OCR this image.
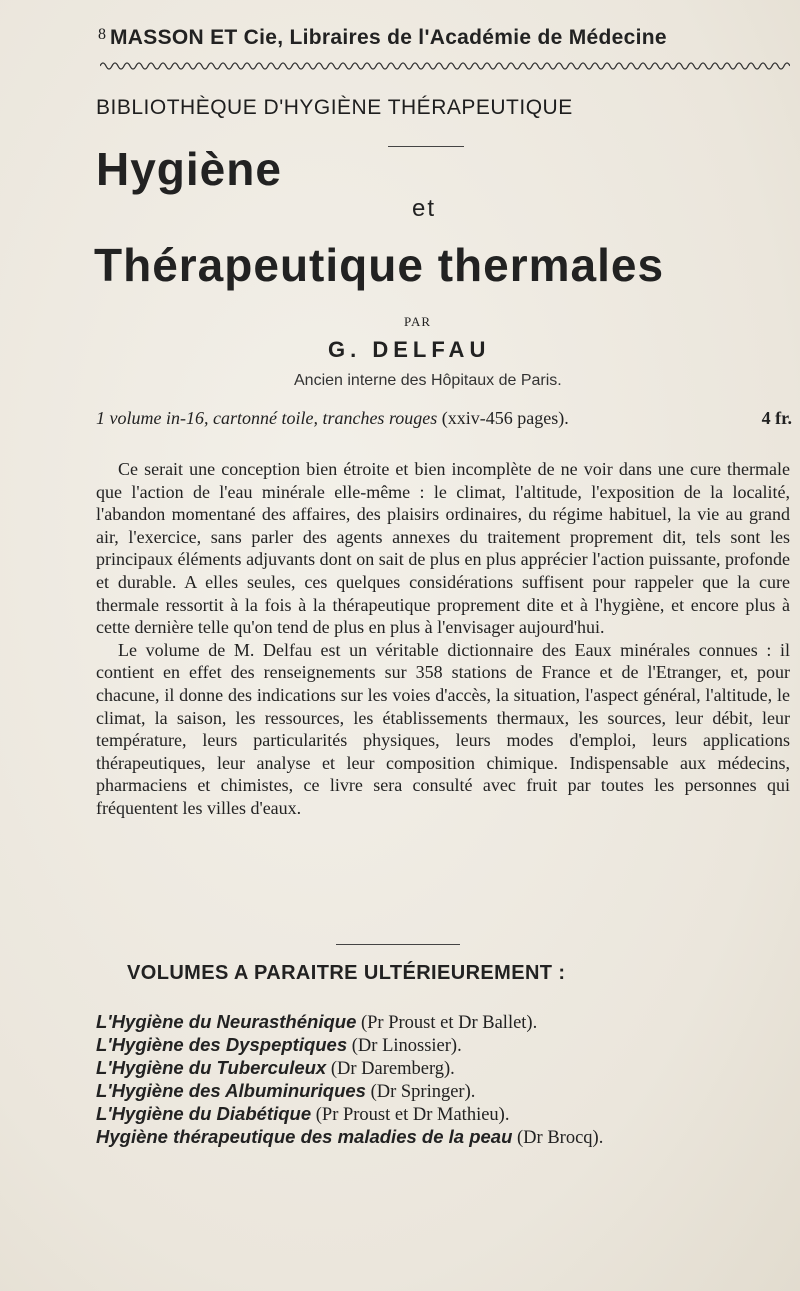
8 MASSON ET Cie, Libraires de l'Académie de Médecine
BIBLIOTHÈQUE D'HYGIÈNE THÉRAPEUTIQUE
Hygiène
et
Thérapeutique thermales
PAR
G. DELFAU
Ancien interne des Hôpitaux de Paris.
1 volume in-16, cartonné toile, tranches rouges (xxiv-456 pages).	4 fr.

Ce serait une conception bien étroite et bien incomplète de ne voir dans une cure thermale que l'action de l'eau minérale elle-même : le climat, l'altitude, l'exposition de la localité, l'abandon momentané des affaires, des plaisirs ordinaires, du régime habituel, la vie au grand air, l'exercice, sans parler des agents annexes du traitement proprement dit, tels sont les principaux éléments adjuvants dont on sait de plus en plus apprécier l'action puissante, profonde et durable. A elles seules, ces quelques considérations suffisent pour rappeler que la cure thermale ressortit à la fois à la thérapeutique proprement dite et à l'hygiène, et encore plus à cette dernière telle qu'on tend de plus en plus à l'envisager aujourd'hui.

Le volume de M. Delfau est un véritable dictionnaire des Eaux minérales connues : il contient en effet des renseignements sur 358 stations de France et de l'Etranger, et, pour chacune, il donne des indications sur les voies d'accès, la situation, l'aspect général, l'altitude, le climat, la saison, les ressources, les établissements thermaux, les sources, leur débit, leur température, leurs particularités physiques, leurs modes d'emploi, leurs applications thérapeutiques, leur analyse et leur composition chimique. Indispensable aux médecins, pharmaciens et chimistes, ce livre sera consulté avec fruit par toutes les personnes qui fréquentent les villes d'eaux.

VOLUMES A PARAITRE ULTÉRIEUREMENT :
L'Hygiène du Neurasthénique (Pr Proust et Dr Ballet).
L'Hygiène des Dyspeptiques (Dr Linossier).
L'Hygiène du Tuberculeux (Dr Daremberg).
L'Hygiène des Albuminuriques (Dr Springer).
L'Hygiène du Diabétique (Pr Proust et Dr Mathieu).
Hygiène thérapeutique des maladies de la peau (Dr Brocq).
